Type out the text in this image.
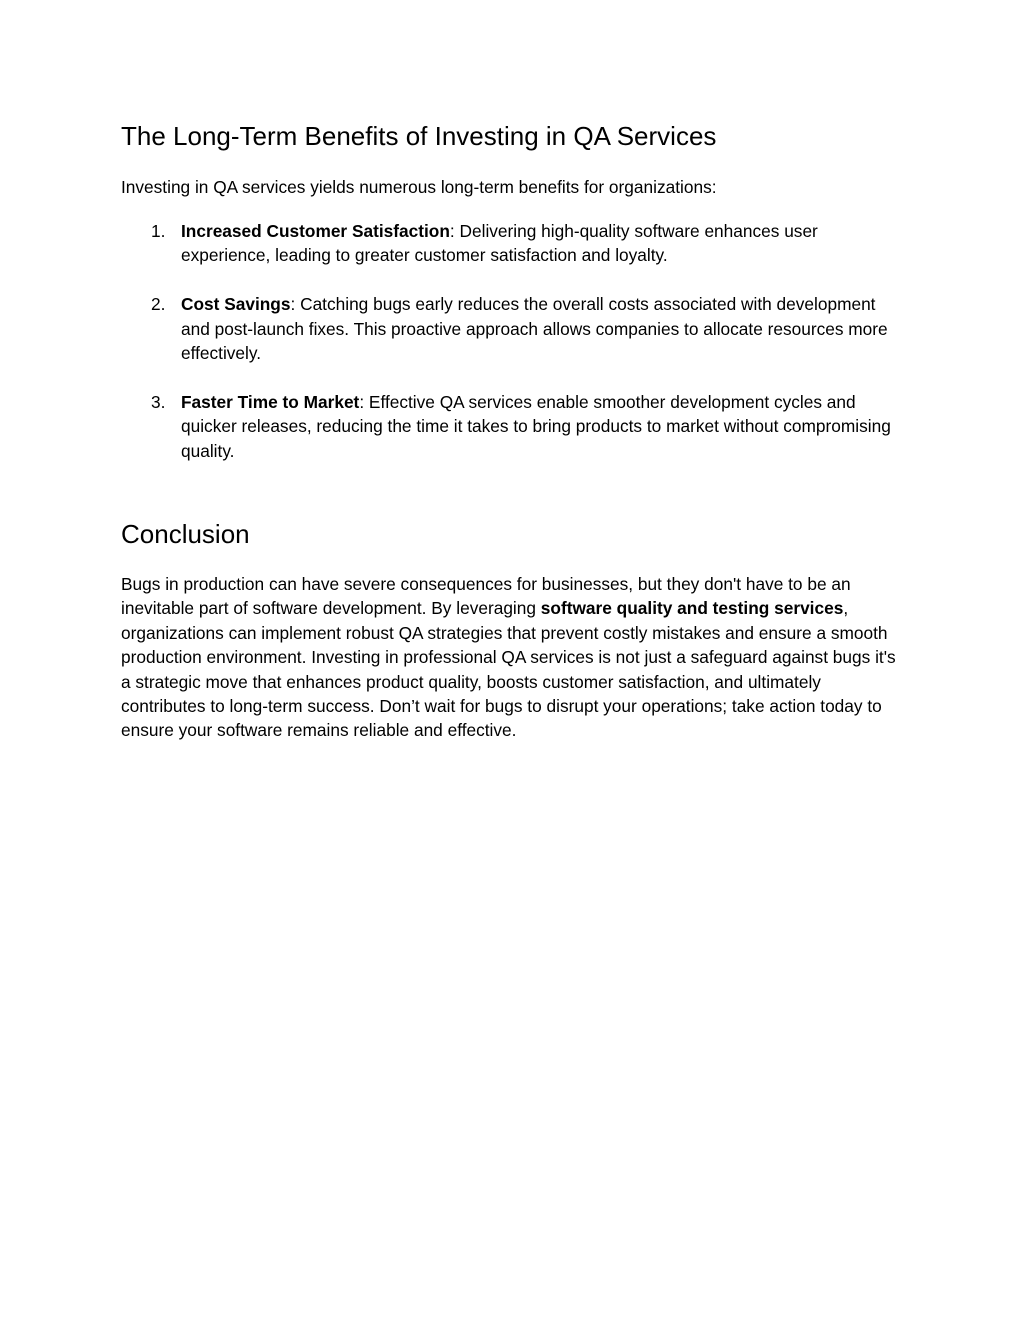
The Long-Term Benefits of Investing in QA Services

Investing in QA services yields numerous long-term benefits for organizations:

1. Increased Customer Satisfaction: Delivering high-quality software enhances user experience, leading to greater customer satisfaction and loyalty.
2. Cost Savings: Catching bugs early reduces the overall costs associated with development and post-launch fixes. This proactive approach allows companies to allocate resources more effectively.
3. Faster Time to Market: Effective QA services enable smoother development cycles and quicker releases, reducing the time it takes to bring products to market without compromising quality.
Conclusion

Bugs in production can have severe consequences for businesses, but they don't have to be an inevitable part of software development. By leveraging software quality and testing services, organizations can implement robust QA strategies that prevent costly mistakes and ensure a smooth production environment. Investing in professional QA services is not just a safeguard against bugs it's a strategic move that enhances product quality, boosts customer satisfaction, and ultimately contributes to long-term success. Don’t wait for bugs to disrupt your operations; take action today to ensure your software remains reliable and effective.
